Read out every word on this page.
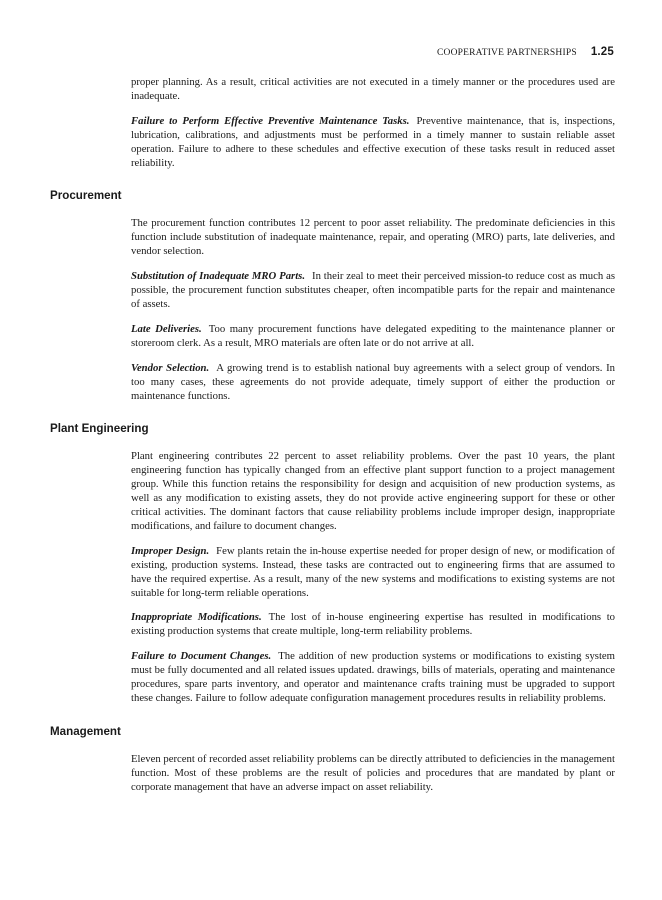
COOPERATIVE PARTNERSHIPS 1.25

proper planning. As a result, critical activities are not executed in a timely manner or the procedures used are inadequate.

Failure to Perform Effective Preventive Maintenance Tasks. Preventive maintenance, that is, inspections, lubrication, calibrations, and adjustments must be performed in a timely manner to sustain reliable asset operation. Failure to adhere to these schedules and effective execution of these tasks result in reduced asset reliability.

Procurement

The procurement function contributes 12 percent to poor asset reliability. The predominate deficiencies in this function include substitution of inadequate maintenance, repair, and operating (MRO) parts, late deliveries, and vendor selection.

Substitution of Inadequate MRO Parts. In their zeal to meet their perceived mission-to reduce cost as much as possible, the procurement function substitutes cheaper, often incompatible parts for the repair and maintenance of assets.

Late Deliveries. Too many procurement functions have delegated expediting to the maintenance planner or storeroom clerk. As a result, MRO materials are often late or do not arrive at all.

Vendor Selection. A growing trend is to establish national buy agreements with a select group of vendors. In too many cases, these agreements do not provide adequate, timely support of either the production or maintenance functions.

Plant Engineering

Plant engineering contributes 22 percent to asset reliability problems. Over the past 10 years, the plant engineering function has typically changed from an effective plant support function to a project management group. While this function retains the responsibility for design and acquisition of new production systems, as well as any modification to existing assets, they do not provide active engineering support for these or other critical activities. The dominant factors that cause reliability problems include improper design, inappropriate modifications, and failure to document changes.

Improper Design. Few plants retain the in-house expertise needed for proper design of new, or modification of existing, production systems. Instead, these tasks are contracted out to engineering firms that are assumed to have the required expertise. As a result, many of the new systems and modifications to existing systems are not suitable for long-term reliable operations.

Inappropriate Modifications. The lost of in-house engineering expertise has resulted in modifications to existing production systems that create multiple, long-term reliability problems.

Failure to Document Changes. The addition of new production systems or modifications to existing system must be fully documented and all related issues updated. drawings, bills of materials, operating and maintenance procedures, spare parts inventory, and operator and maintenance crafts training must be upgraded to support these changes. Failure to follow adequate configuration management procedures results in reliability problems.

Management

Eleven percent of recorded asset reliability problems can be directly attributed to deficiencies in the management function. Most of these problems are the result of policies and procedures that are mandated by plant or corporate management that have an adverse impact on asset reliability.
